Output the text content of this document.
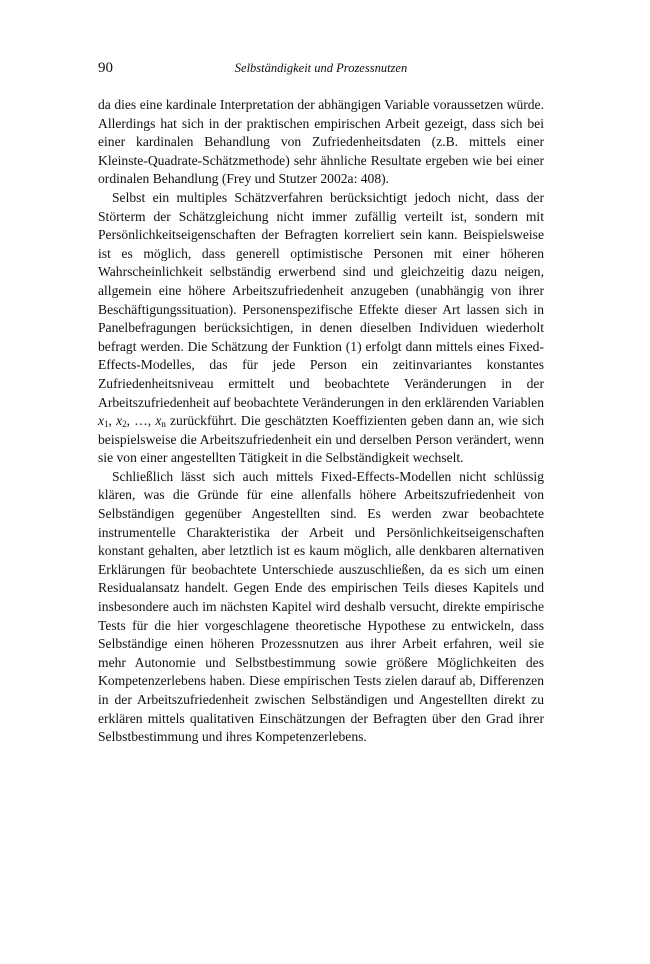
90	Selbständigkeit und Prozessnutzen

da dies eine kardinale Interpretation der abhängigen Variable voraussetzen würde. Allerdings hat sich in der praktischen empirischen Arbeit gezeigt, dass sich bei einer kardinalen Behandlung von Zufriedenheitsdaten (z.B. mittels einer Kleinste-Quadrate-Schätzmethode) sehr ähnliche Resultate ergeben wie bei einer ordinalen Behandlung (Frey und Stutzer 2002a: 408).

Selbst ein multiples Schätzverfahren berücksichtigt jedoch nicht, dass der Störterm der Schätzgleichung nicht immer zufällig verteilt ist, sondern mit Persönlichkeitseigenschaften der Befragten korreliert sein kann. Beispielsweise ist es möglich, dass generell optimistische Personen mit einer höheren Wahrscheinlichkeit selbständig erwerbend sind und gleichzeitig dazu neigen, allgemein eine höhere Arbeitszufriedenheit anzugeben (unabhängig von ihrer Beschäftigungssituation). Personenspezifische Effekte dieser Art lassen sich in Panelbefragungen berücksichtigen, in denen dieselben Individuen wiederholt befragt werden. Die Schätzung der Funktion (1) erfolgt dann mittels eines Fixed-Effects-Modelles, das für jede Person ein zeitinvariantes konstantes Zufriedenheitsniveau ermittelt und beobachtete Veränderungen in der Arbeitszufriedenheit auf beobachtete Veränderungen in den erklärenden Variablen $x_1$, $x_2$, …, $x_n$ zurückführt. Die geschätzten Koeffizienten geben dann an, wie sich beispielsweise die Arbeitszufriedenheit ein und derselben Person verändert, wenn sie von einer angestellten Tätigkeit in die Selbständigkeit wechselt.

Schließlich lässt sich auch mittels Fixed-Effects-Modellen nicht schlüssig klären, was die Gründe für eine allenfalls höhere Arbeitszufriedenheit von Selbständigen gegenüber Angestellten sind. Es werden zwar beobachtete instrumentelle Charakteristika der Arbeit und Persönlichkeitseigenschaften konstant gehalten, aber letztlich ist es kaum möglich, alle denkbaren alternativen Erklärungen für beobachtete Unterschiede auszuschließen, da es sich um einen Residualansatz handelt. Gegen Ende des empirischen Teils dieses Kapitels und insbesondere auch im nächsten Kapitel wird deshalb versucht, direkte empirische Tests für die hier vorgeschlagene theoretische Hypothese zu entwickeln, dass Selbständige einen höheren Prozessnutzen aus ihrer Arbeit erfahren, weil sie mehr Autonomie und Selbstbestimmung sowie größere Möglichkeiten des Kompetenzerlebens haben. Diese empirischen Tests zielen darauf ab, Differenzen in der Arbeitszufriedenheit zwischen Selbständigen und Angestellten direkt zu erklären mittels qualitativen Einschätzungen der Befragten über den Grad ihrer Selbstbestimmung und ihres Kompetenzerlebens.
